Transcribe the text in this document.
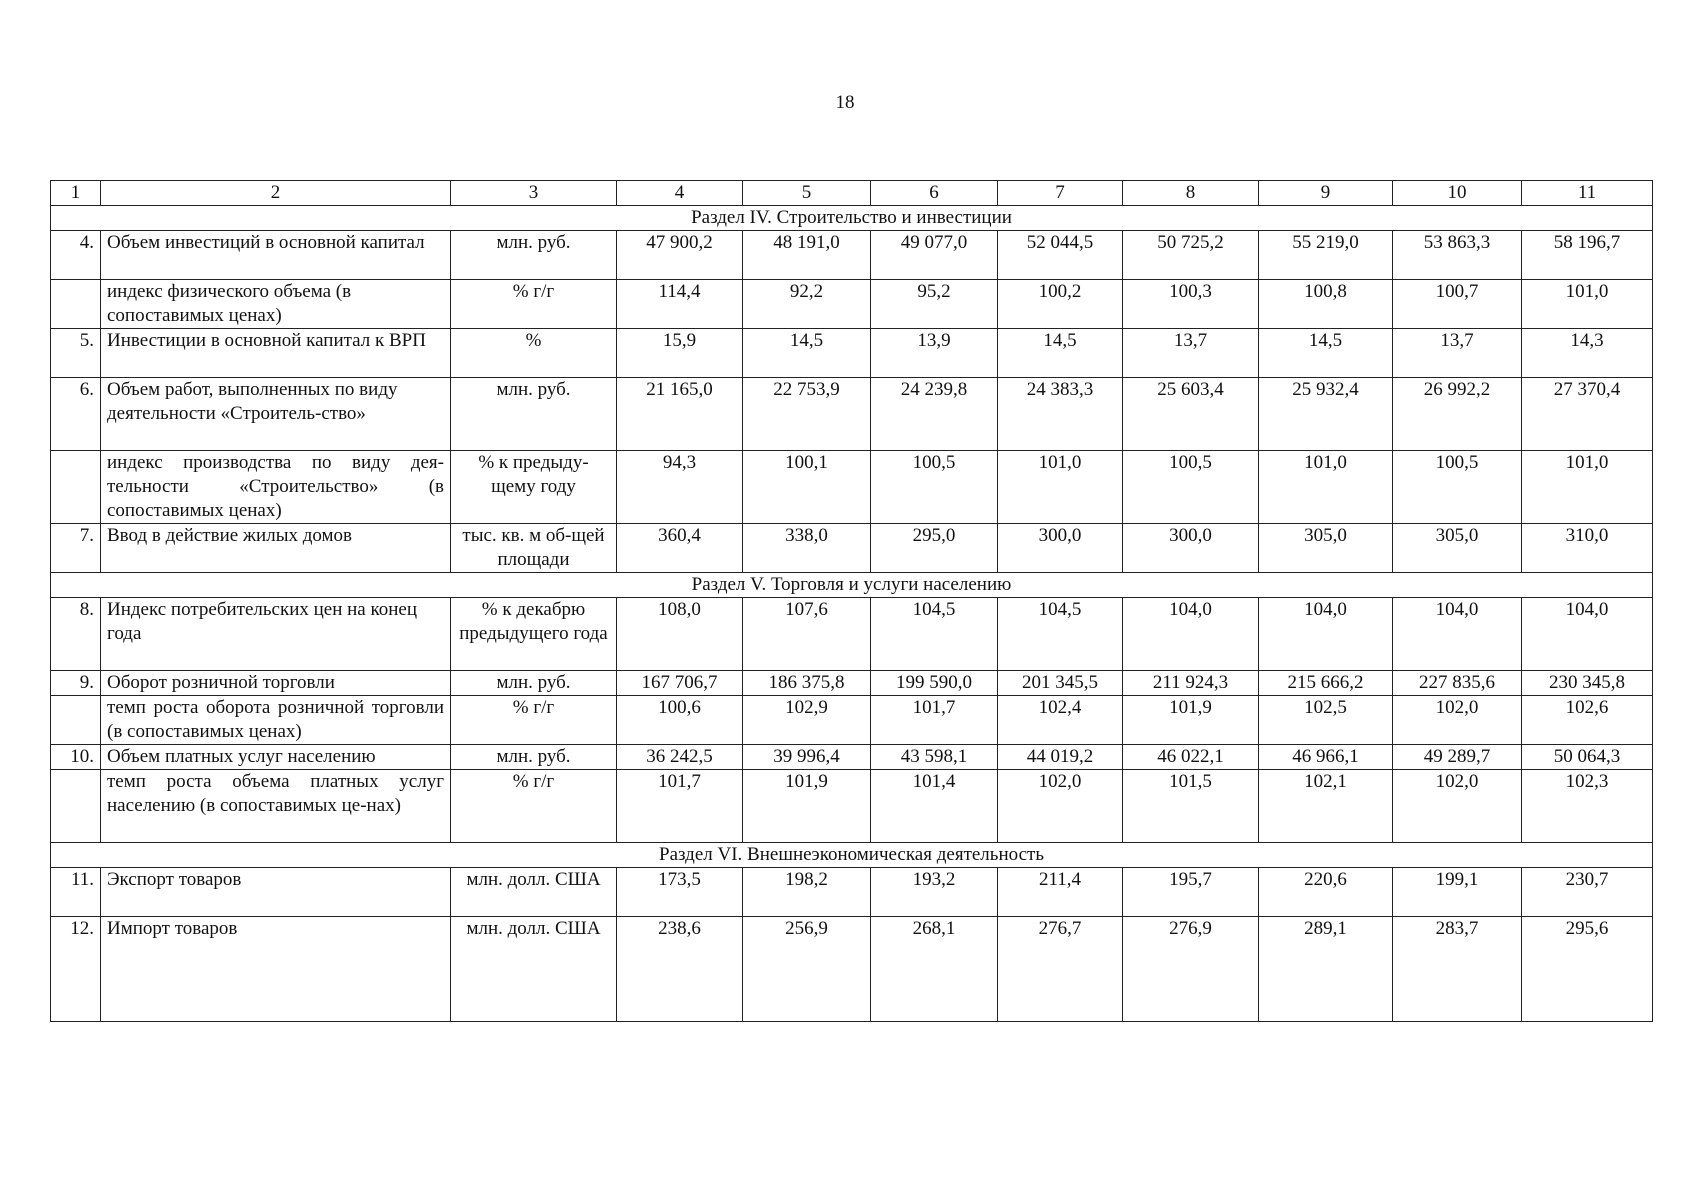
18
1	2	3	4	5	6	7	8	9	10	11
Раздел IV. Строительство и инвестиции										
4.	Объем инвестиций в основной капитал	млн. руб.	47 900,2	48 191,0	49 077,0	52 044,5	50 725,2	55 219,0	53 863,3	58 196,7
	индекс физического объема (в сопоставимых ценах)	% г/г	114,4	92,2	95,2	100,2	100,3	100,8	100,7	101,0
5.	Инвестиции в основной капитал к ВРП	%	15,9	14,5	13,9	14,5	13,7	14,5	13,7	14,3
6.	Объем работ, выполненных по виду деятельности «Строитель-ство»	млн. руб.	21 165,0	22 753,9	24 239,8	24 383,3	25 603,4	25 932,4	26 992,2	27 370,4
	индекс производства по виду дея-тельности «Строительство» (в сопоставимых ценах)	% к предыду-щему году	94,3	100,1	100,5	101,0	100,5	101,0	100,5	101,0
7.	Ввод в действие жилых домов	тыс. кв. м об-щей площади	360,4	338,0	295,0	300,0	300,0	305,0	305,0	310,0
Раздел V. Торговля и услуги населению										
8.	Индекс потребительских цен на конец года	% к декабрю предыдущего года	108,0	107,6	104,5	104,5	104,0	104,0	104,0	104,0
9.	Оборот розничной торговли	млн. руб.	167 706,7	186 375,8	199 590,0	201 345,5	211 924,3	215 666,2	227 835,6	230 345,8
	темп роста оборота розничной торговли (в сопоставимых ценах)	% г/г	100,6	102,9	101,7	102,4	101,9	102,5	102,0	102,6
10.	Объем платных услуг населению	млн. руб.	36 242,5	39 996,4	43 598,1	44 019,2	46 022,1	46 966,1	49 289,7	50 064,3
	темп роста объема платных услуг населению (в сопоставимых це-нах)	% г/г	101,7	101,9	101,4	102,0	101,5	102,1	102,0	102,3
Раздел VI. Внешнеэкономическая деятельность										
11.	Экспорт товаров	млн. долл. США	173,5	198,2	193,2	211,4	195,7	220,6	199,1	230,7
12.	Импорт товаров	млн. долл. США	238,6	256,9	268,1	276,7	276,9	289,1	283,7	295,6
